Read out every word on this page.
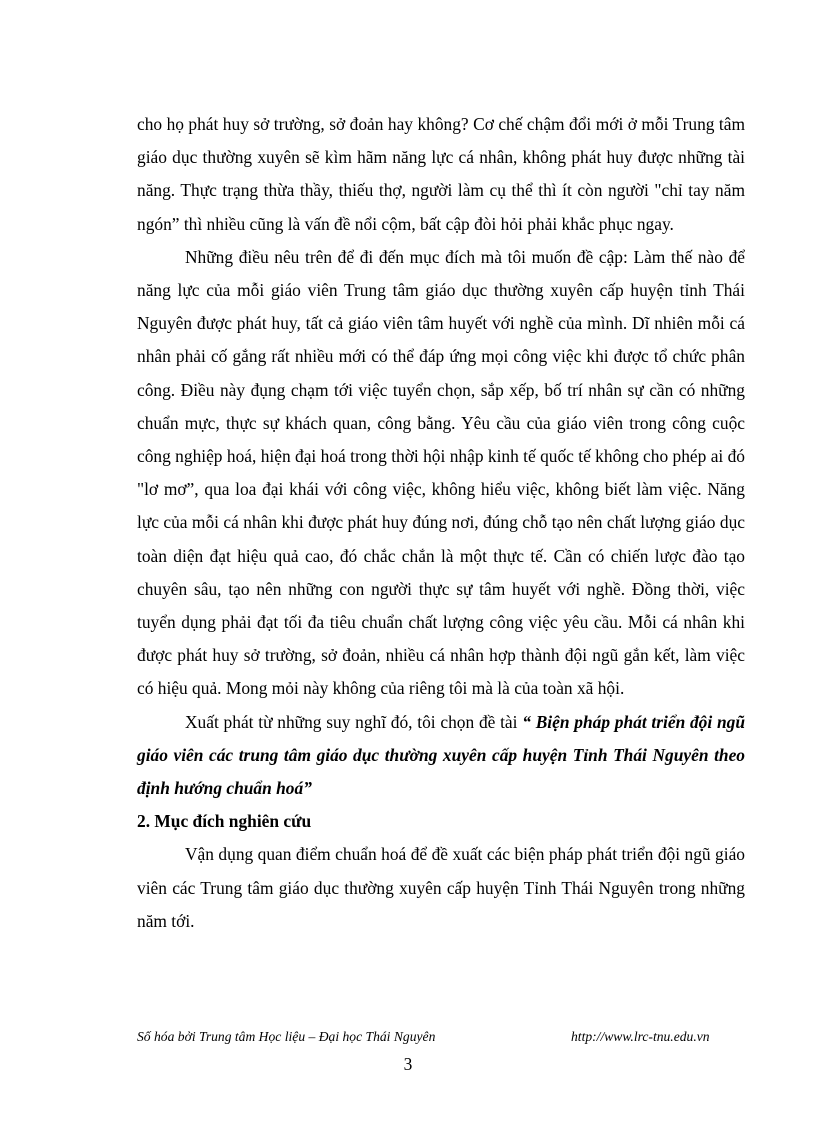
cho họ phát huy sở trường, sở đoản hay không? Cơ chế chậm đổi mới ở mỗi Trung tâm giáo dục thường xuyên sẽ kìm hãm năng lực cá nhân, không phát huy được những tài năng. Thực trạng thừa thầy, thiếu thợ, người làm cụ thể thì ít còn người "chỉ tay năm ngón” thì nhiều cũng là vấn đề nổi cộm, bất cập đòi hỏi phải khắc phục ngay.

Những điều nêu trên để đi đến mục đích mà tôi muốn đề cập: Làm thế nào để năng lực của mỗi giáo viên Trung tâm giáo dục thường xuyên cấp huyện tỉnh Thái Nguyên được phát huy, tất cả giáo viên tâm huyết với nghề của mình. Dĩ nhiên mỗi cá nhân phải cố gắng rất nhiều mới có thể đáp ứng mọi công việc khi được tổ chức phân công. Điều này đụng chạm tới việc tuyển chọn, sắp xếp, bố trí nhân sự cần có những chuẩn mực, thực sự khách quan, công bằng. Yêu cầu của giáo viên trong công cuộc công nghiệp hoá, hiện đại hoá trong thời hội nhập kinh tế quốc tế không cho phép ai đó "lơ mơ”, qua loa đại khái với công việc, không hiểu việc, không biết làm việc. Năng lực của mỗi cá nhân khi được phát huy đúng nơi, đúng chỗ tạo nên chất lượng giáo dục toàn diện đạt hiệu quả cao, đó chắc chắn là một thực tế. Cần có chiến lược đào tạo chuyên sâu, tạo nên những con người thực sự tâm huyết với nghề. Đồng thời, việc tuyển dụng phải đạt tối đa tiêu chuẩn chất lượng công việc yêu cầu. Mỗi cá nhân khi được phát huy sở trường, sở đoản, nhiều cá nhân hợp thành đội ngũ gắn kết, làm việc có hiệu quả. Mong mỏi này không của riêng tôi mà là của toàn xã hội.

Xuất phát từ những suy nghĩ đó, tôi chọn đề tài “ Biện pháp phát triển đội ngũ giáo viên các trung tâm giáo dục thường xuyên cấp huyện Tỉnh Thái Nguyên theo định hướng chuẩn hoá”

2. Mục đích nghiên cứu

Vận dụng quan điểm chuẩn hoá để đề xuất các biện pháp phát triển đội ngũ giáo viên các Trung tâm giáo dục thường xuyên cấp huyện Tỉnh Thái Nguyên trong những năm tới.

Số hóa bởi Trung tâm Học liệu – Đại học Thái Nguyên	http://www.lrc-tnu.edu.vn
3
